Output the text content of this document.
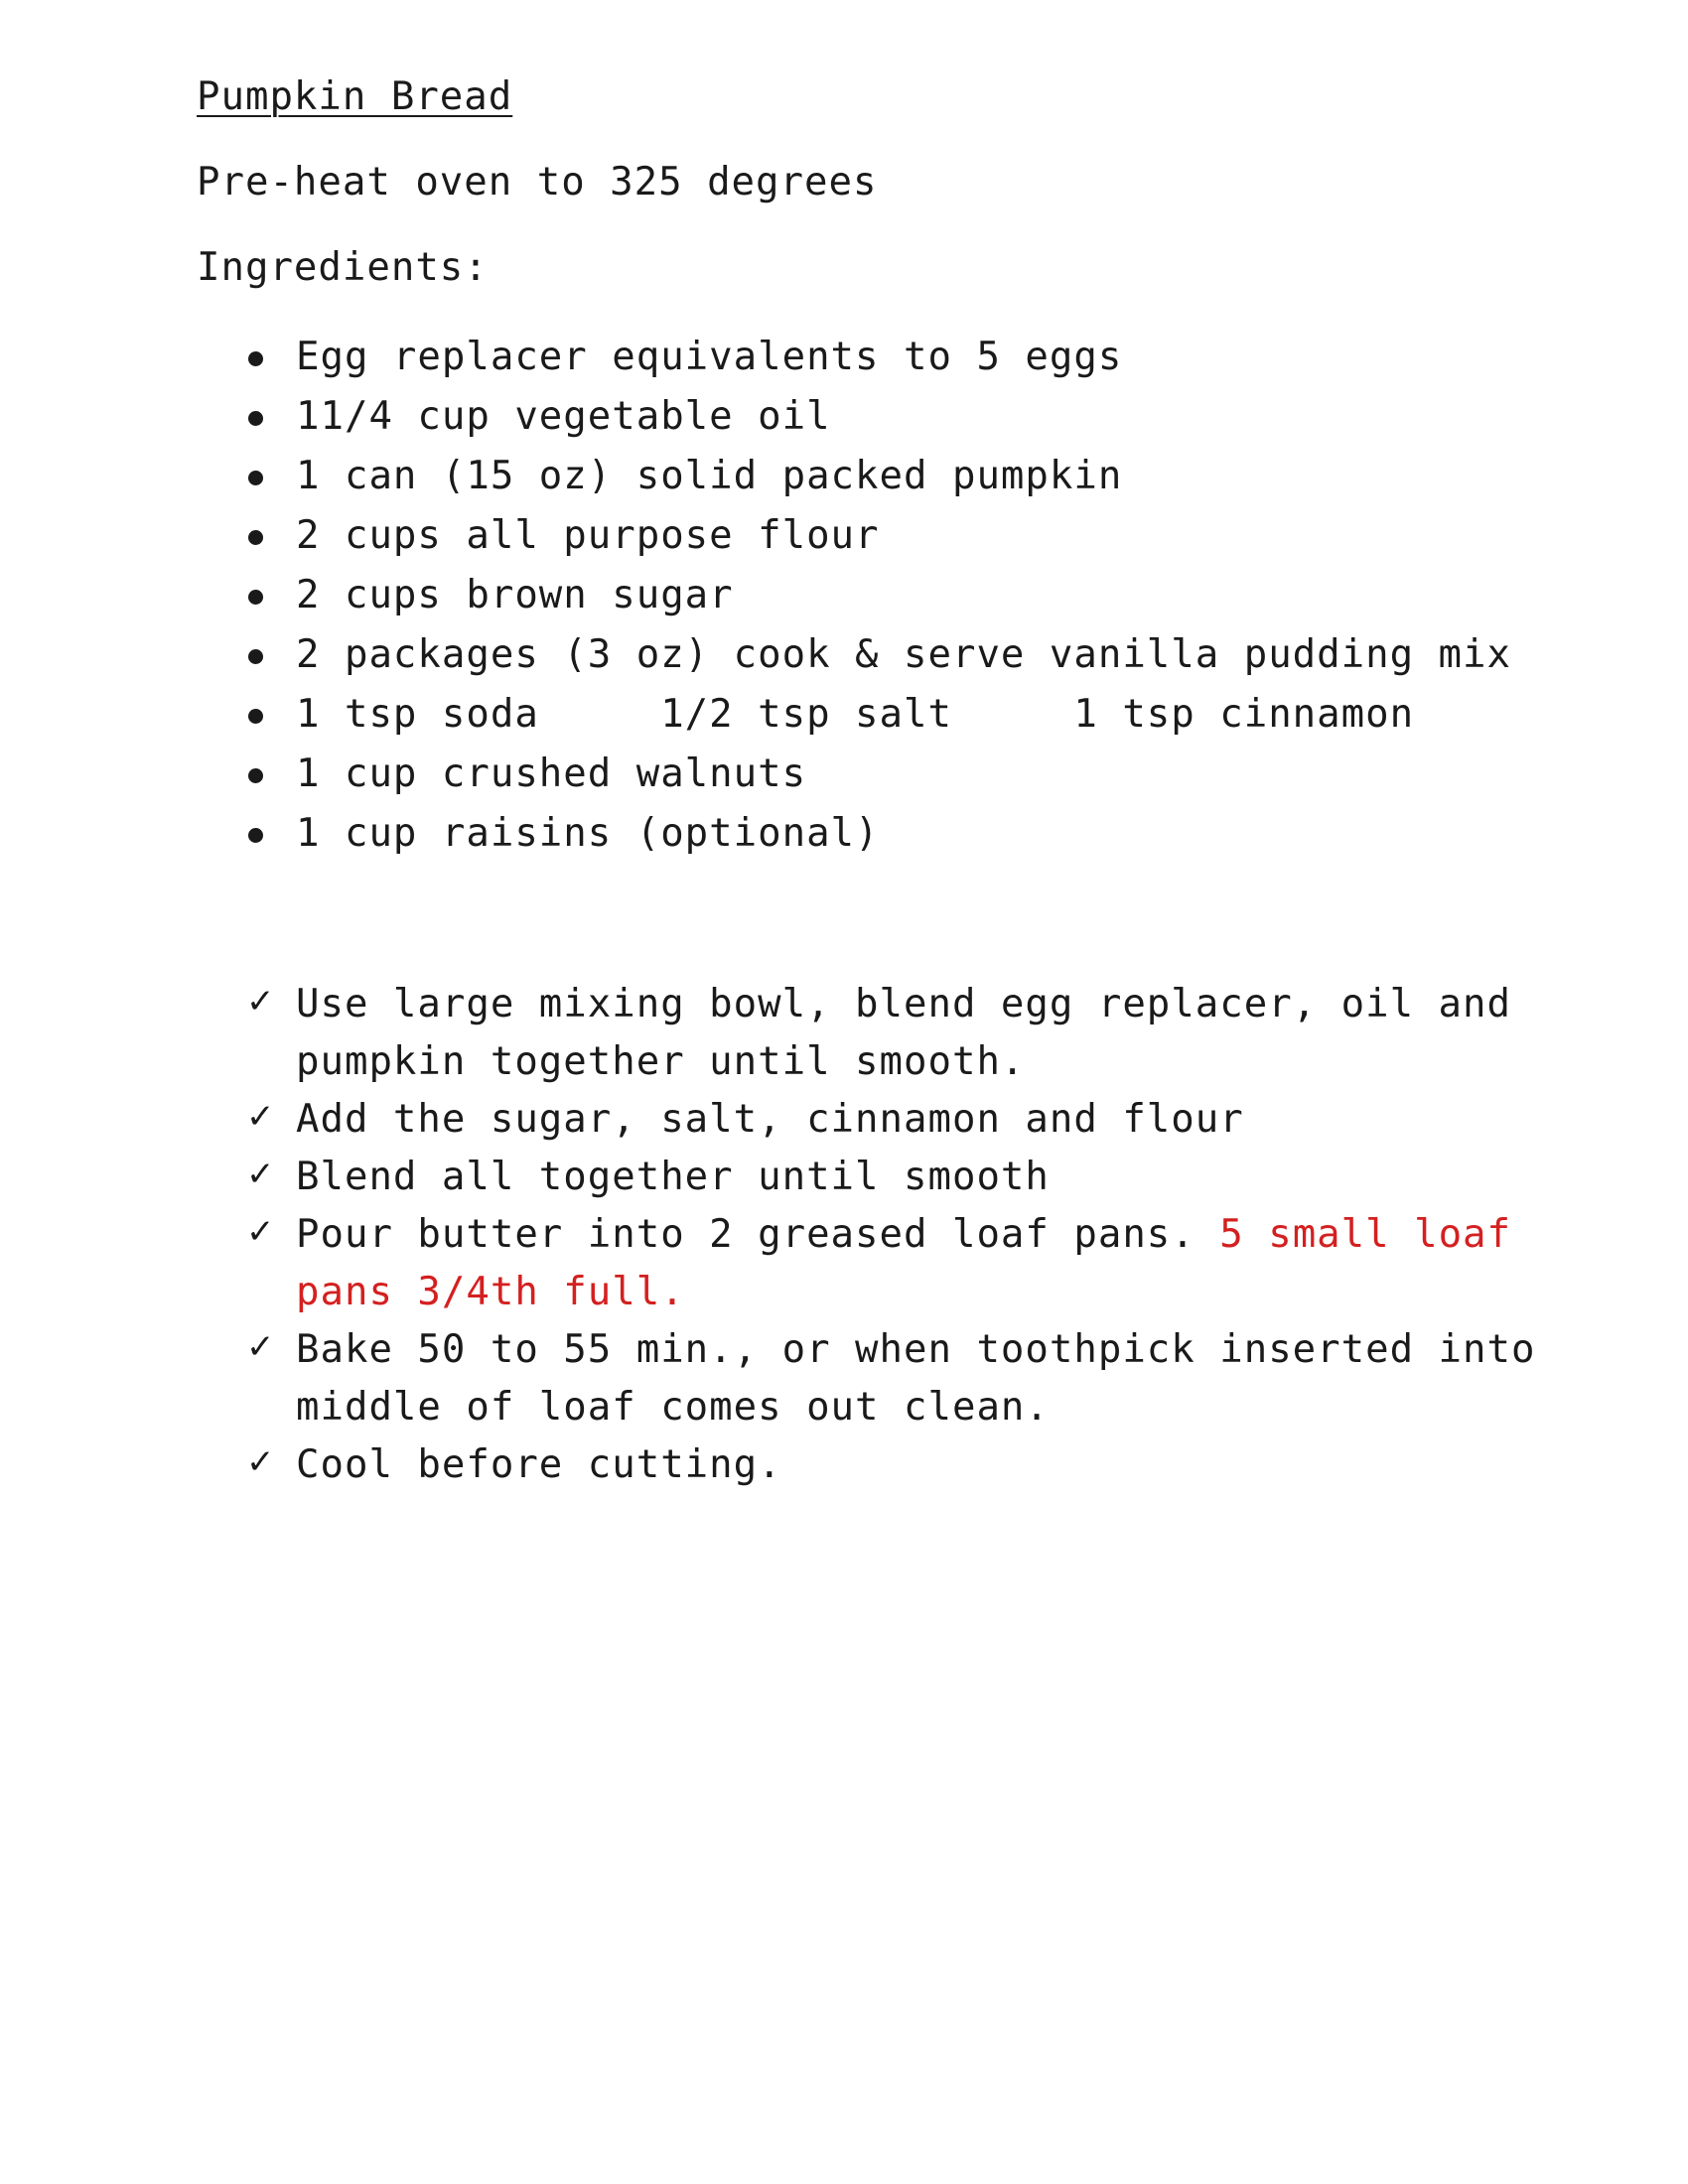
Pumpkin Bread
Pre-heat oven to 325 degrees
Ingredients:
Egg replacer equivalents to 5 eggs
11/4 cup vegetable oil
1 can (15 oz) solid packed pumpkin
2 cups all purpose flour
2 cups brown sugar
2 packages (3 oz) cook & serve vanilla pudding mix
1 tsp soda     1/2 tsp salt     1 tsp cinnamon
1 cup crushed walnuts
1 cup raisins (optional)
✓ Use large mixing bowl, blend egg replacer, oil and
pumpkin together until smooth.
✓ Add the sugar, salt, cinnamon and flour
✓ Blend all together until smooth
✓ Pour butter into 2 greased loaf pans. 5 small loaf
pans 3/4th full.
✓ Bake 50 to 55 min., or when toothpick inserted into
middle of loaf comes out clean.
✓ Cool before cutting.
